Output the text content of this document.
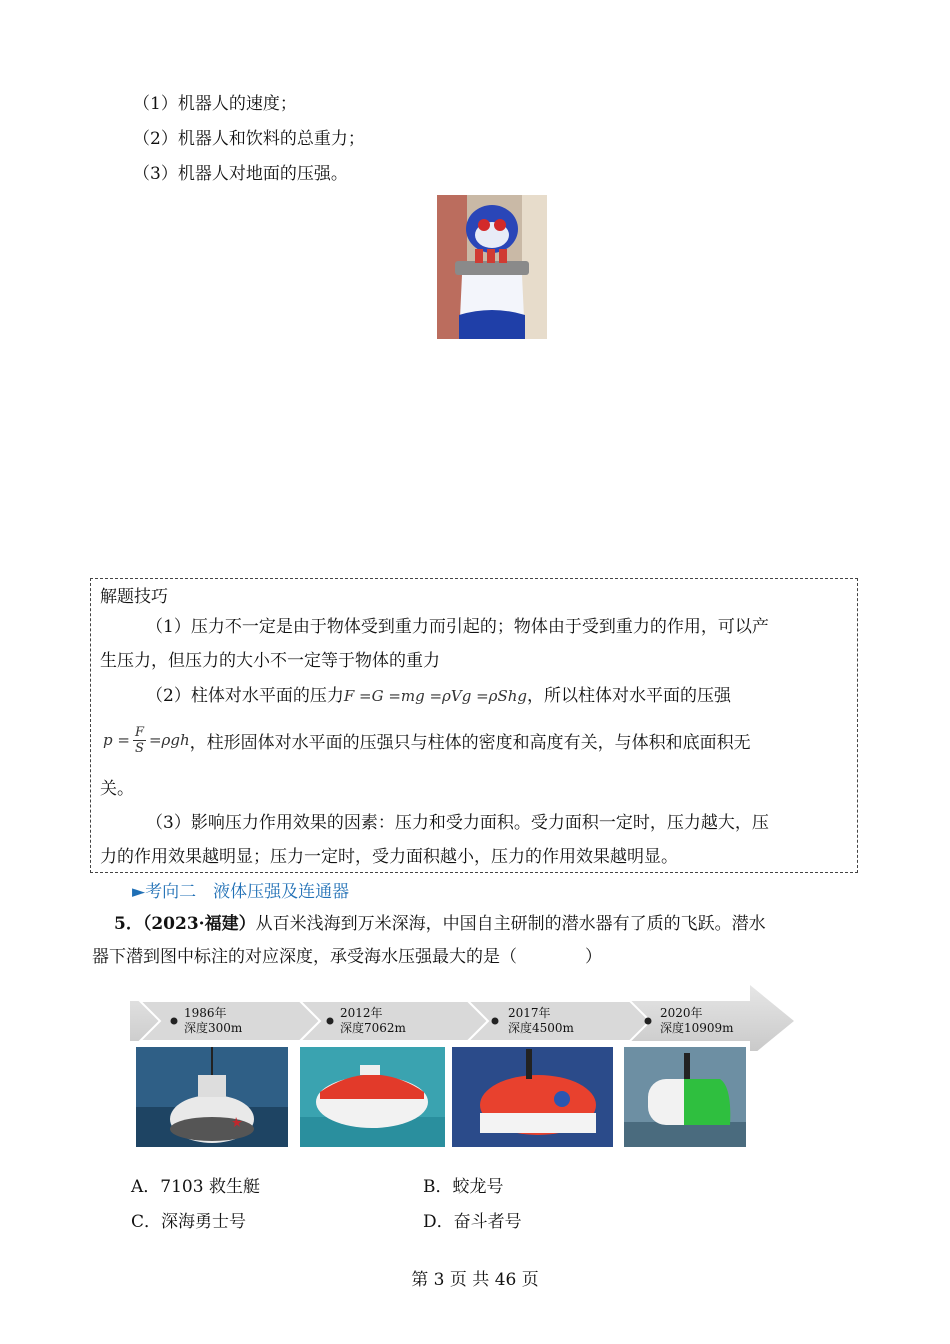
（1）机器人的速度；
（2）机器人和饮料的总重力；
（3）机器人对地面的压强。
解题技巧
（1）压力不一定是由于物体受到重力而引起的；物体由于受到重力的作用，可以产
生压力，但压力的大小不一定等于物体的重力
（2）柱体对水平面的压力F =G =mg =ρVg =ρShg，所以柱体对水平面的压强
$p = \frac{F}{S} =\rho gh$ ，柱形固体对水平面的压强只与柱体的密度和高度有关，与体积和底面积无
关。
（3）影响压力作用效果的因素：压力和受力面积。受力面积一定时，压力越大，压
力的作用效果越明显；压力一定时，受力面积越小，压力的作用效果越明显。
►考向二　液体压强及连通器
5．（2023·福建）从百米浅海到万米深海，中国自主研制的潜水器有了质的飞跃。潜水
器下潜到图中标注的对应深度，承受海水压强最大的是（　　　　）
1986年
深度300m
2012年
深度7062m
2017年
深度4500m
2020年
深度10909m
A．7103 救生艇	B．蛟龙号
C．深海勇士号	D．奋斗者号
第 3 页 共 46 页
